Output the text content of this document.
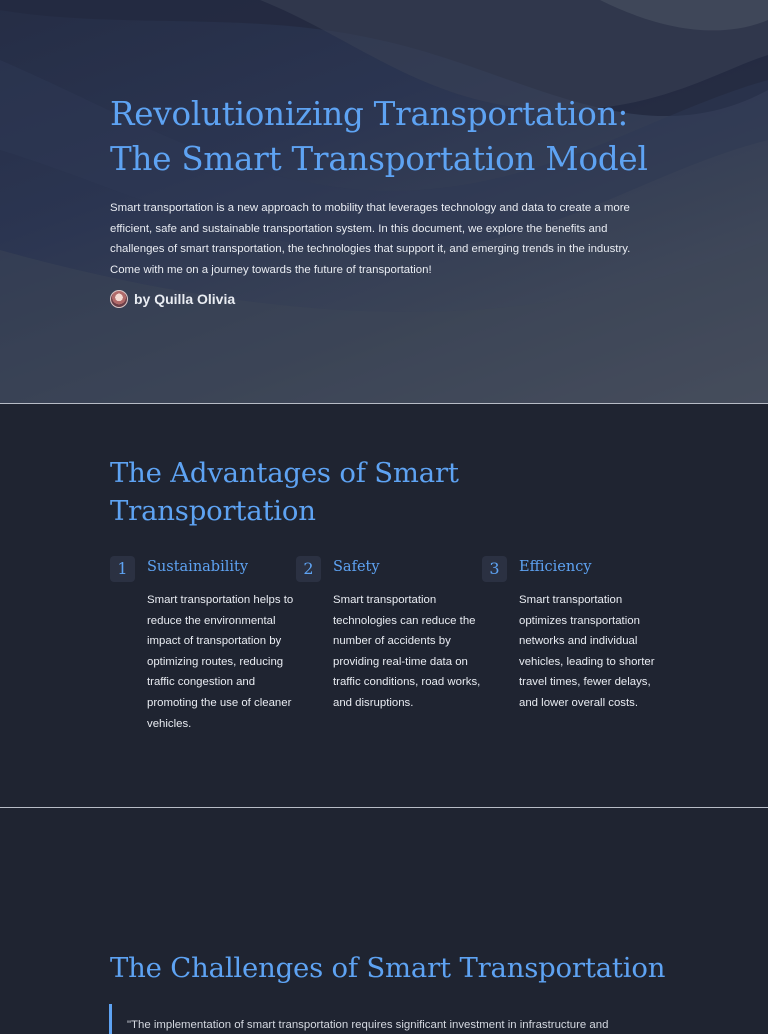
Revolutionizing Transportation:
The Smart Transportation Model

Smart transportation is a new approach to mobility that leverages technology and data to create a more efficient, safe and sustainable transportation system. In this document, we explore the benefits and challenges of smart transportation, the technologies that support it, and emerging trends in the industry. Come with me on a journey towards the future of transportation!

by Quilla Olivia
The Advantages of Smart
Transportation
1	Sustainability

Smart transportation helps to reduce the environmental impact of transportation by optimizing routes, reducing traffic congestion and promoting the use of cleaner vehicles.

2	Safety

Smart transportation technologies can reduce the number of accidents by providing real-time data on traffic conditions, road works, and disruptions.

3	Efficiency

Smart transportation optimizes transportation networks and individual vehicles, leading to shorter travel times, fewer delays, and lower overall costs.

The Challenges of Smart Transportation

"The implementation of smart transportation requires significant investment in infrastructure and
